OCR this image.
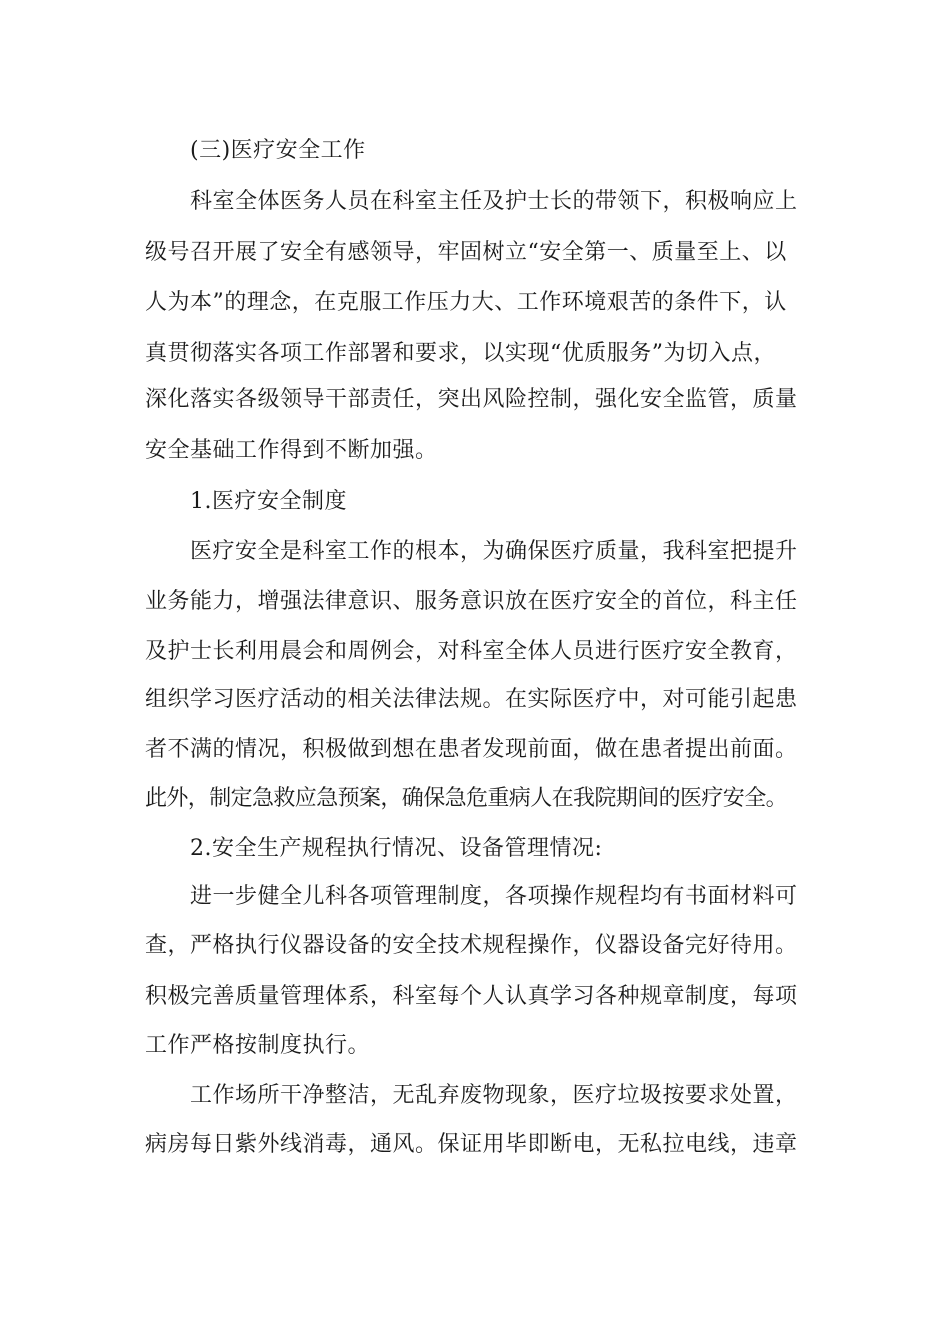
(三)医疗安全工作
科室全体医务人员在科室主任及护士长的带领下，积极响应上
级号召开展了安全有感领导，牢固树立“安全第一、质量至上、以
人为本”的理念，在克服工作压力大、工作环境艰苦的条件下，认
真贯彻落实各项工作部署和要求，以实现“优质服务”为切入点，
深化落实各级领导干部责任，突出风险控制，强化安全监管，质量
安全基础工作得到不断加强。
1.医疗安全制度
医疗安全是科室工作的根本，为确保医疗质量，我科室把提升
业务能力，增强法律意识、服务意识放在医疗安全的首位，科主任
及护士长利用晨会和周例会，对科室全体人员进行医疗安全教育，
组织学习医疗活动的相关法律法规。在实际医疗中，对可能引起患
者不满的情况，积极做到想在患者发现前面，做在患者提出前面。
此外，制定急救应急预案，确保急危重病人在我院期间的医疗安全。
2.安全生产规程执行情况、设备管理情况:
进一步健全儿科各项管理制度，各项操作规程均有书面材料可
查，严格执行仪器设备的安全技术规程操作，仪器设备完好待用。
积极完善质量管理体系，科室每个人认真学习各种规章制度，每项
工作严格按制度执行。
工作场所干净整洁，无乱弃废物现象，医疗垃圾按要求处置，
病房每日紫外线消毒，通风。保证用毕即断电，无私拉电线，违章
